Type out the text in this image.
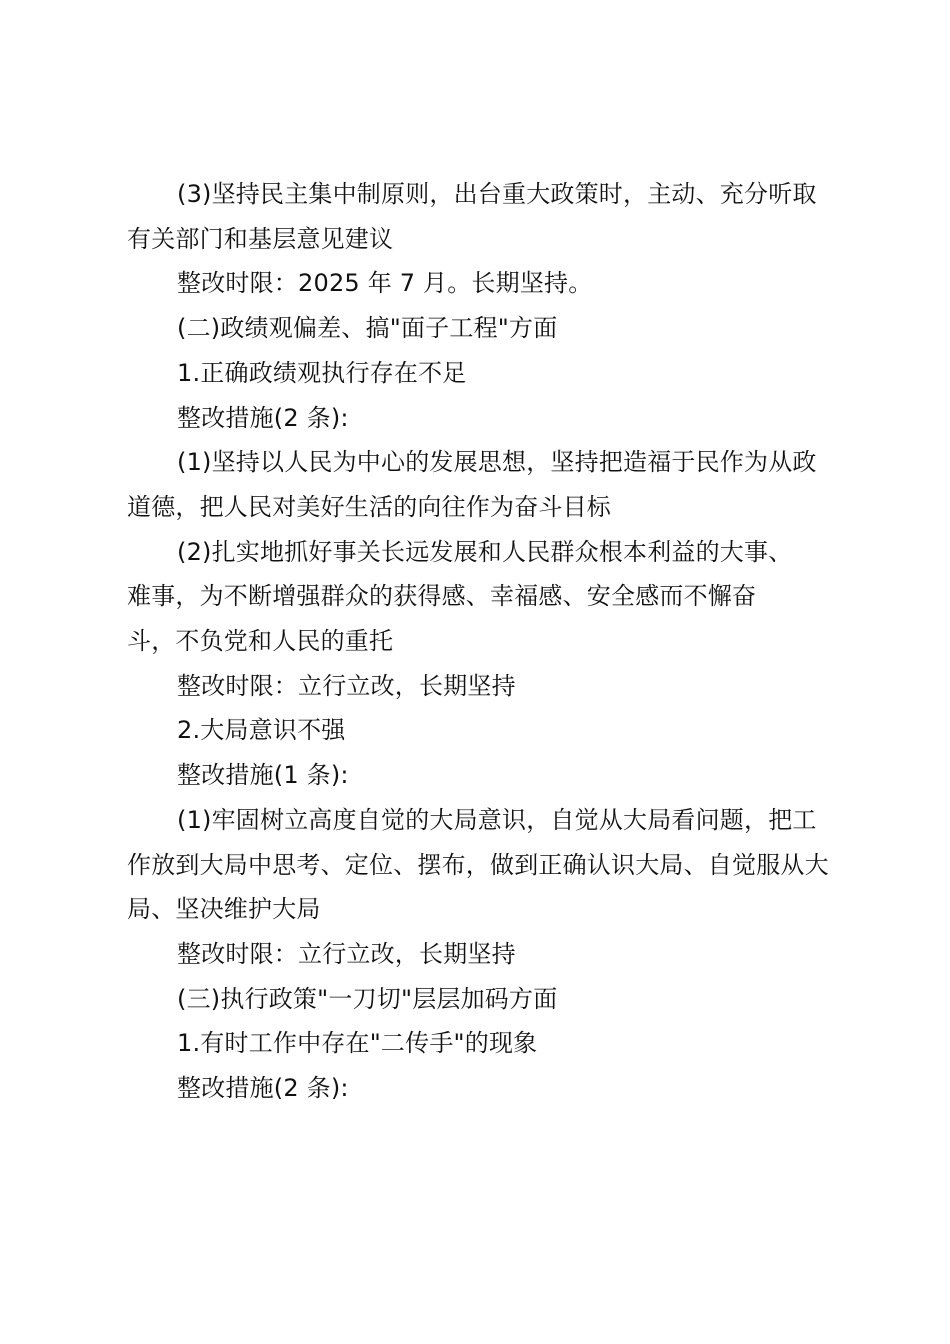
(3)坚持民主集中制原则，出台重大政策时，主动、充分听取有关部门和基层意见建议

整改时限：2025 年 7 月。长期坚持。

(二)政绩观偏差、搞"面子工程"方面

1.正确政绩观执行存在不足

整改措施(2 条):

(1)坚持以人民为中心的发展思想，坚持把造福于民作为从政道德，把人民对美好生活的向往作为奋斗目标

(2)扎实地抓好事关长远发展和人民群众根本利益的大事、难事，为不断增强群众的获得感、幸福感、安全感而不懈奋斗，不负党和人民的重托

整改时限：立行立改，长期坚持

2.大局意识不强

整改措施(1 条):

(1)牢固树立高度自觉的大局意识，自觉从大局看问题，把工作放到大局中思考、定位、摆布，做到正确认识大局、自觉服从大局、坚决维护大局

整改时限：立行立改，长期坚持

(三)执行政策"一刀切"层层加码方面

1.有时工作中存在"二传手"的现象

整改措施(2 条):
